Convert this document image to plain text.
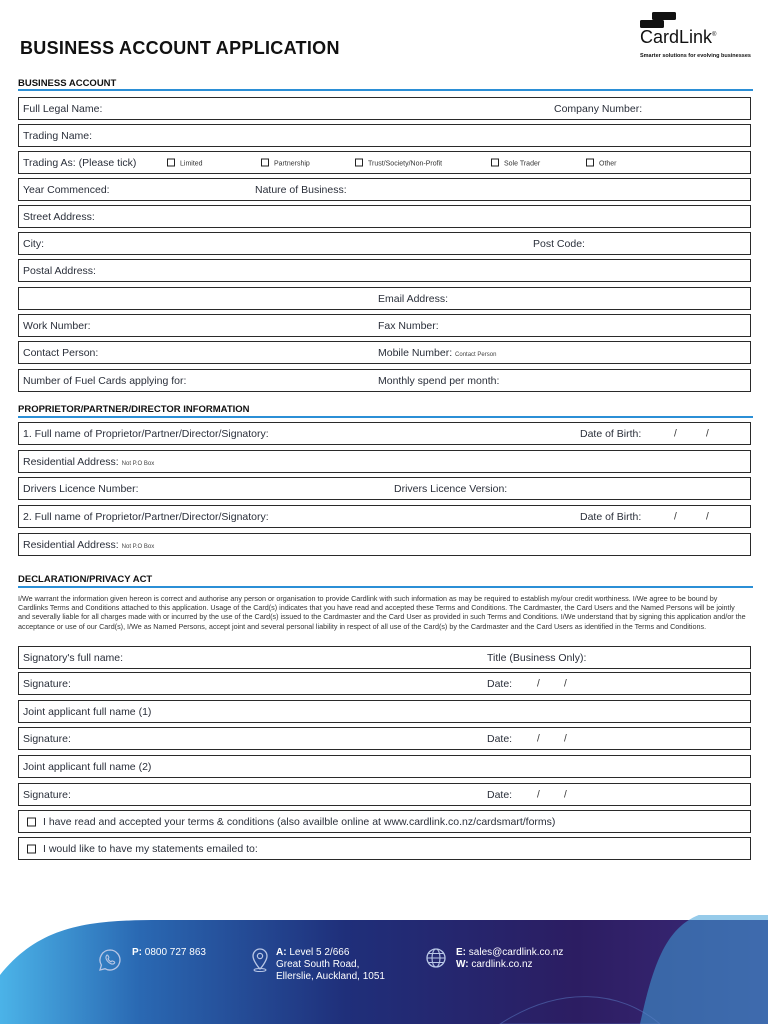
BUSINESS ACCOUNT APPLICATION
CardLink®
Smarter solutions for evolving businesses
BUSINESS ACCOUNT
Full Legal Name:	Company Number:
Trading Name:
Trading As: (Please tick)	Limited	Partnership	Trust/Society/Non-Profit	Sole Trader	Other
Year Commenced:	Nature of Business:
Street Address:
City:	Post Code:
Postal Address:
Email Address:
Work Number:	Fax Number:
Contact Person:	Mobile Number: Contact Person
Number of Fuel Cards applying for:	Monthly spend per month:
PROPRIETOR/PARTNER/DIRECTOR INFORMATION
1. Full name of Proprietor/Partner/Director/Signatory:	Date of Birth:	/	/
Residential Address: Not P.O Box
Drivers Licence Number:	Drivers Licence Version:
2. Full name of Proprietor/Partner/Director/Signatory:	Date of Birth:	/	/
Residential Address: Not P.O Box
DECLARATION/PRIVACY ACT

I/We warrant the information given hereon is correct and authorise any person or organisation to provide Cardlink with such information as may be required to establish my/our credit worthiness. I/We agree to be bound by Cardlinks Terms and Conditions attached to this application. Usage of the Card(s) indicates that you have read and accepted these Terms and Conditions. The Cardmaster, the Card Users and the Named Persons will be jointly and severally liable for all charges made with or incurred by the use of the Card(s) issued to the Cardmaster and the Card User as provided in such Terms and Conditions. I/We understand that by signing this application and/or the acceptance or use of our Card(s), I/We as Named Persons, accept joint and several personal liability in respect of all use of the Card(s) by the Cardmaster and the Card Users as identified in the Terms and Conditions.

Signatory's full name:	Title (Business Only):
Signature:	Date: / /
Joint applicant full name (1)
Signature:	Date: / /
Joint applicant full name (2)
Signature:	Date: / /
I have read and accepted your terms & conditions (also availble online at www.cardlink.co.nz/cardsmart/forms)
I would like to have my statements emailed to:
P: 0800 727 863	A: Level 5 2/666
Great South Road,
Ellerslie, Auckland, 1051
E: sales@cardlink.co.nz
W: cardlink.co.nz
